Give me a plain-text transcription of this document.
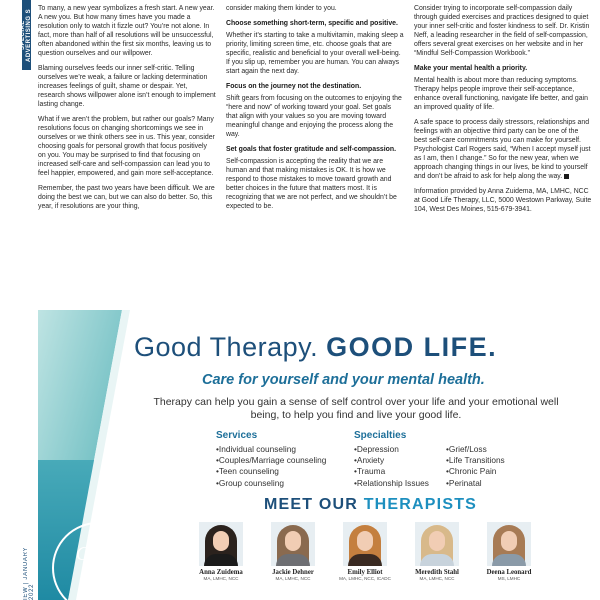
SPECIAL ADVERTISING S To many, a new year symbolizes a fresh start. A new year. A new you. But how many times have you made a resolution only to watch it fizzle out? You’re not alone. In fact, more than half of all resolutions will be unsuccessful, often abandoned within the first six months, leaving us to question ourselves and our willpower.

Blaming ourselves feeds our inner self-critic. Telling ourselves we’re weak, a failure or lacking determination increases feelings of guilt, shame or despair. Yet, research shows willpower alone isn’t enough to implement lasting change.

What if we aren’t the problem, but rather our goals? Many resolutions focus on changing shortcomings we see in ourselves or we think others see in us. This year, consider choosing goals for personal growth that focus positively on you. You may be surprised to find that focusing on increased self-care and self-compassion can lead you to feel happier, empowered, and gain more self-acceptance.

Remember, the past two years have been difficult. We are doing the best we can, but we can also do better. So, this year, if resolutions are your thing,

consider making them kinder to you.

Choose something short-term, specific and positive.

Whether it’s starting to take a multivitamin, making sleep a priority, limiting screen time, etc. choose goals that are specific, realistic and beneficial to your overall well-being. If you slip up, remember you are human. You can always start again the next day.

Focus on the journey not the destination.

Shift gears from focusing on the outcomes to enjoying the “here and now” of working toward your goal. Set goals that align with your values so you are moving toward meaningful change and enjoying the process along the way.

Set goals that foster gratitude and self-compassion.

Self-compassion is accepting the reality that we are human and that making mistakes is OK. It is how we respond to those mistakes to move toward growth and better choices in the future that matters most. It is recognizing that we are not perfect, and we shouldn’t be expected to be.

Consider trying to incorporate self-compassion daily through guided exercises and practices designed to quiet your inner self-critic and foster kindness to self. Dr. Kristin Neff, a leading researcher in the field of self-compassion, offers several great exercises on her website and in her “Mindful Self-Compassion Workbook.”

Make your mental health a priority.

Mental health is about more than reducing symptoms. Therapy helps people improve their self-acceptance, enhance overall functioning, navigate life better, and gain an improved quality of life.

A safe space to process daily stressors, relationships and feelings with an objective third party can be one of the best self-care commitments you can make for yourself. Psychologist Carl Rogers said, “When I accept myself just as I am, then I change.” So for the new year, when we approach changing things in our lives, be kind to yourself and don’t be afraid to ask for help along the way.

Information provided by Anna Zuidema, MA, LMHC, NCC at Good Life Therapy, LLC, 5000 Westown Parkway, Suite 104, West Des Moines, 515-679-3941.

Good Therapy. GOOD LIFE.
Care for yourself and your mental health.
Therapy can help you gain a sense of self control over your life and your emotional well being, to help you find and live your good life.
Services
• Individual counseling
• Couples/Marriage counseling
• Teen counseling
• Group counseling
Specialties
• Depression
• Anxiety
• Trauma
• Relationship Issues
• Grief/Loss
• Life Transitions
• Chronic Pain
• Perinatal
MEET OUR THERAPISTS
Good
Life	Anna Zuidema
MA, LMHC, NCC
Jackie Dehner
MA, LMHC, NCC
Emily Elliot
MA, LMHC, NCC, ICADC
Meredith Stahl
MA, LMHC, NCC
Deena Leonard
MS, LMHC
IEW | JANUARY 2022
